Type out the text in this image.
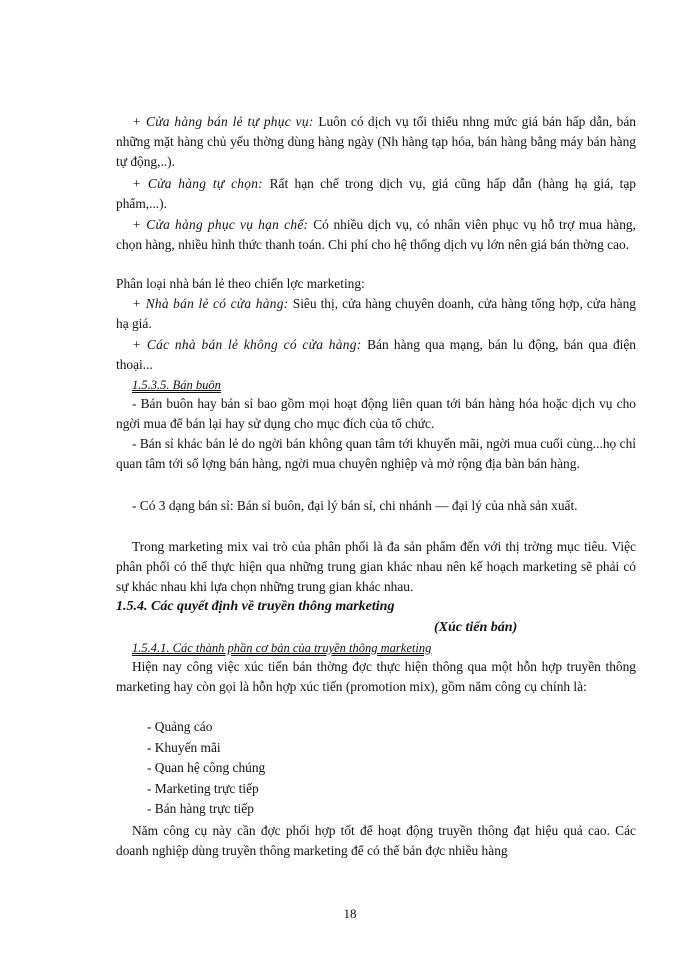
+ Cửa hàng bán lẻ tự phục vụ: Luôn có dịch vụ tối thiểu nhng mức giá bán hấp dẫn, bán những mặt hàng chủ yếu thờng dùng hàng ngày (Nh hàng tạp hóa, bán hàng bằng máy bán hàng tự động,..).

+ Cửa hàng tự chọn: Rất hạn chế trong dịch vụ, giá cũng hấp dẫn (hàng hạ giá, tạp phẩm,...).

+ Cửa hàng phục vụ hạn chế: Có nhiều dịch vụ, có nhân viên phục vụ hỗ trợ mua hàng, chọn hàng, nhiều hình thức thanh toán. Chi phí cho hệ thống dịch vụ lớn nên giá bán thờng cao.

Phân loại nhà bán lẻ theo chiến lợc marketing:

+ Nhà bán lẻ có cửa hàng: Siêu thị, cửa hàng chuyên doanh, cửa hàng tổng hợp, cửa hàng hạ giá.

+ Các nhà bán lẻ không có cửa hàng: Bán hàng qua mạng, bán lu động, bán qua điện thoại...

1.5.3.5. Bán buôn

- Bán buôn hay bán sỉ bao gồm mọi hoạt động liên quan tới bán hàng hóa hoặc dịch vụ cho ngời mua để bán lại hay sử dụng cho mục đích của tổ chức.

- Bán sỉ khác bán lẻ do ngời bán không quan tâm tới khuyến mãi, ngời mua cuối cùng...họ chỉ quan tâm tới số lợng bán hàng, ngời mua chuyên nghiệp và mở rộng địa bàn bán hàng.

- Có 3 dạng bán sỉ: Bán sỉ buôn, đại lý bán sỉ, chi nhánh — đại lý của nhà sản xuất.

Trong marketing mix vai trò của phân phối là đa sản phẩm đến với thị trờng mục tiêu. Việc phân phối có thể thực hiện qua những trung gian khác nhau nên kế hoạch marketing sẽ phải có sự khác nhau khi lựa chọn những trung gian khác nhau.

1.5.4. Các quyết định về truyền thông marketing
(Xúc tiến bán)
1.5.4.1. Các thành phần cơ bản của truyền thông marketing

Hiện nay công việc xúc tiến bán thờng đợc thực hiện thông qua một hỗn hợp truyền thông marketing hay còn gọi là hỗn hợp xúc tiến (promotion mix), gồm năm công cụ chính là:

- Quảng cáo
- Khuyến mãi
- Quan hệ công chúng
- Marketing trực tiếp
- Bán hàng trực tiếp

Năm công cụ này cần đợc phối hợp tốt để hoạt động truyền thông đạt hiệu quả cao. Các doanh nghiệp dùng truyền thông marketing để có thể bán đợc nhiều hàng

18
